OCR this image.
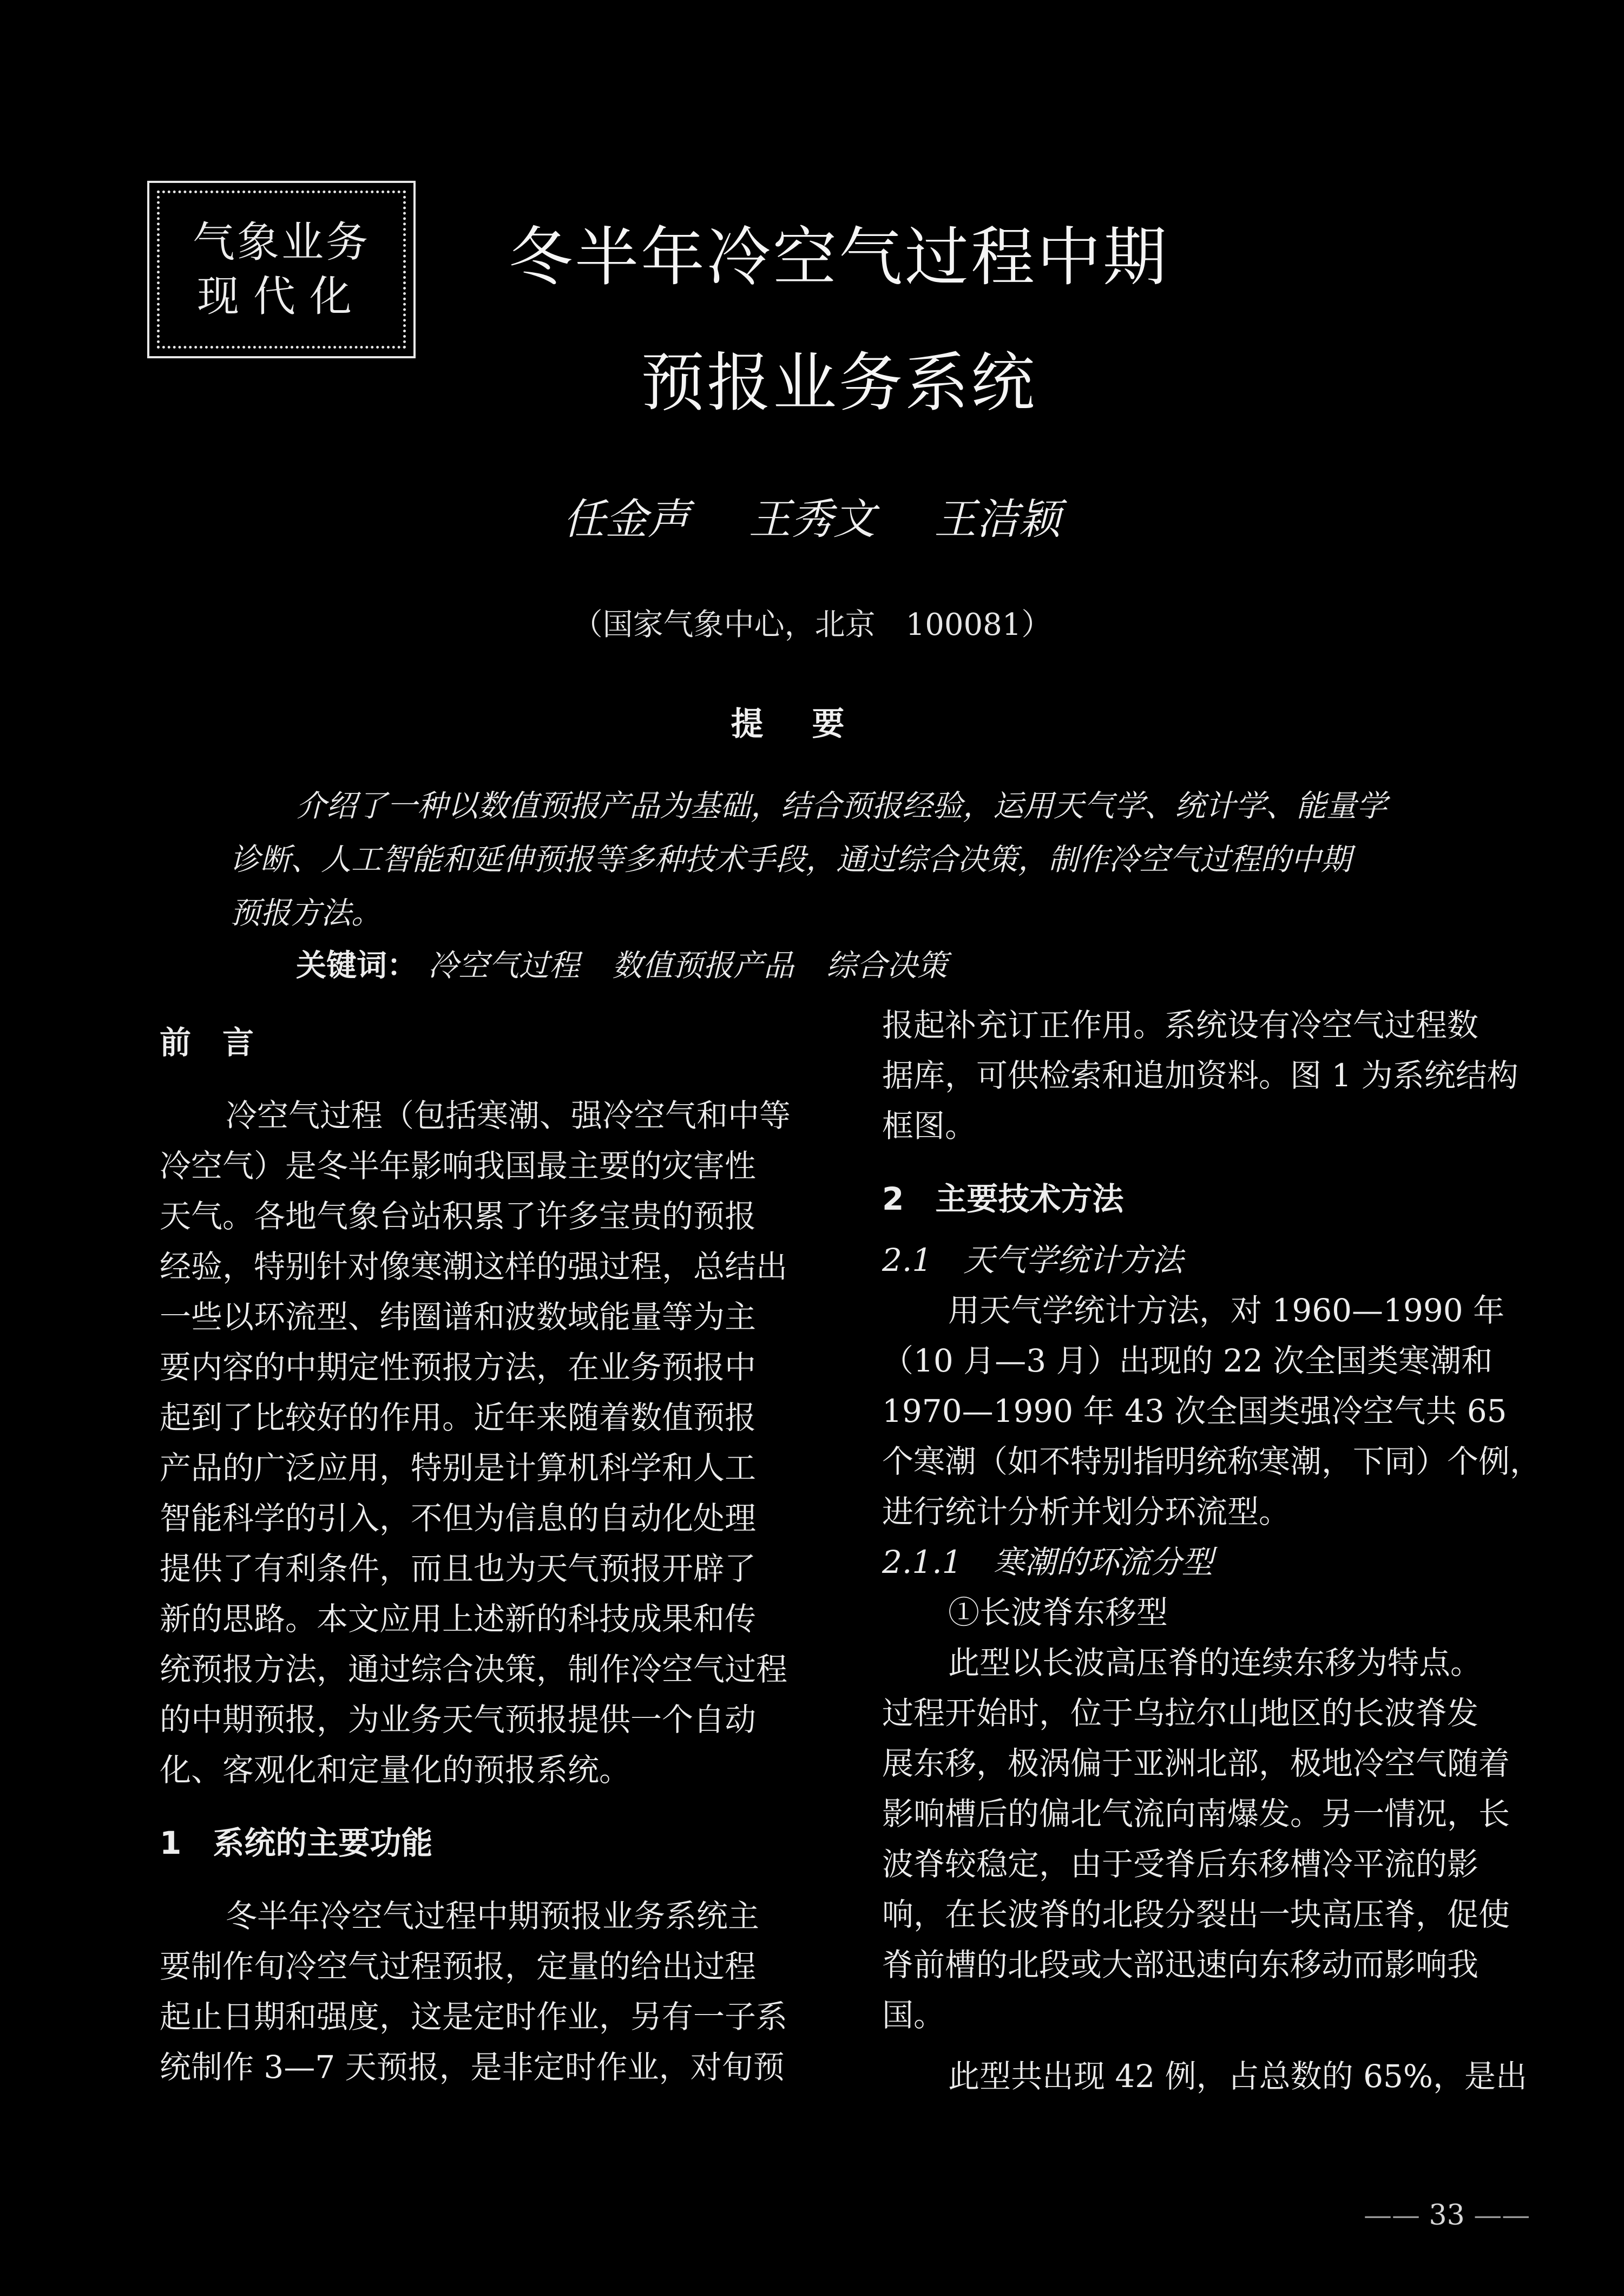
气象业务
现代化
冬半年冷空气过程中期
预报业务系统
任金声 王秀文 王洁颖
（国家气象中心，北京　100081）
提要
介绍了一种以数值预报产品为基础，结合预报经验，运用天气学、统计学、能量学
诊断、人工智能和延伸预报等多种技术手段，通过综合决策，制作冷空气过程的中期
预报方法。
关键词： 冷空气过程 数值预报产品 综合决策
前　言
冷空气过程（包括寒潮、强冷空气和中等
冷空气）是冬半年影响我国最主要的灾害性
天气。各地气象台站积累了许多宝贵的预报
经验，特别针对像寒潮这样的强过程，总结出
一些以环流型、纬圈谱和波数域能量等为主
要内容的中期定性预报方法，在业务预报中
起到了比较好的作用。近年来随着数值预报
产品的广泛应用，特别是计算机科学和人工
智能科学的引入，不但为信息的自动化处理
提供了有利条件，而且也为天气预报开辟了
新的思路。本文应用上述新的科技成果和传
统预报方法，通过综合决策，制作冷空气过程
的中期预报，为业务天气预报提供一个自动
化、客观化和定量化的预报系统。
1　系统的主要功能
冬半年冷空气过程中期预报业务系统主
要制作旬冷空气过程预报，定量的给出过程
起止日期和强度，这是定时作业，另有一子系
统制作 3—7 天预报，是非定时作业，对旬预
报起补充订正作用。系统设有冷空气过程数
据库，可供检索和追加资料。图 1 为系统结构
框图。
2　主要技术方法
2.1　天气学统计方法
用天气学统计方法，对 1960—1990 年
（10 月—3 月）出现的 22 次全国类寒潮和
1970—1990 年 43 次全国类强冷空气共 65
个寒潮（如不特别指明统称寒潮，下同）个例，
进行统计分析并划分环流型。
2.1.1　寒潮的环流分型
①长波脊东移型
此型以长波高压脊的连续东移为特点。
过程开始时，位于乌拉尔山地区的长波脊发
展东移，极涡偏于亚洲北部，极地冷空气随着
影响槽后的偏北气流向南爆发。另一情况，长
波脊较稳定，由于受脊后东移槽冷平流的影
响，在长波脊的北段分裂出一块高压脊，促使
脊前槽的北段或大部迅速向东移动而影响我
国。
此型共出现 42 例，占总数的 65%，是出
—— 33 ——
